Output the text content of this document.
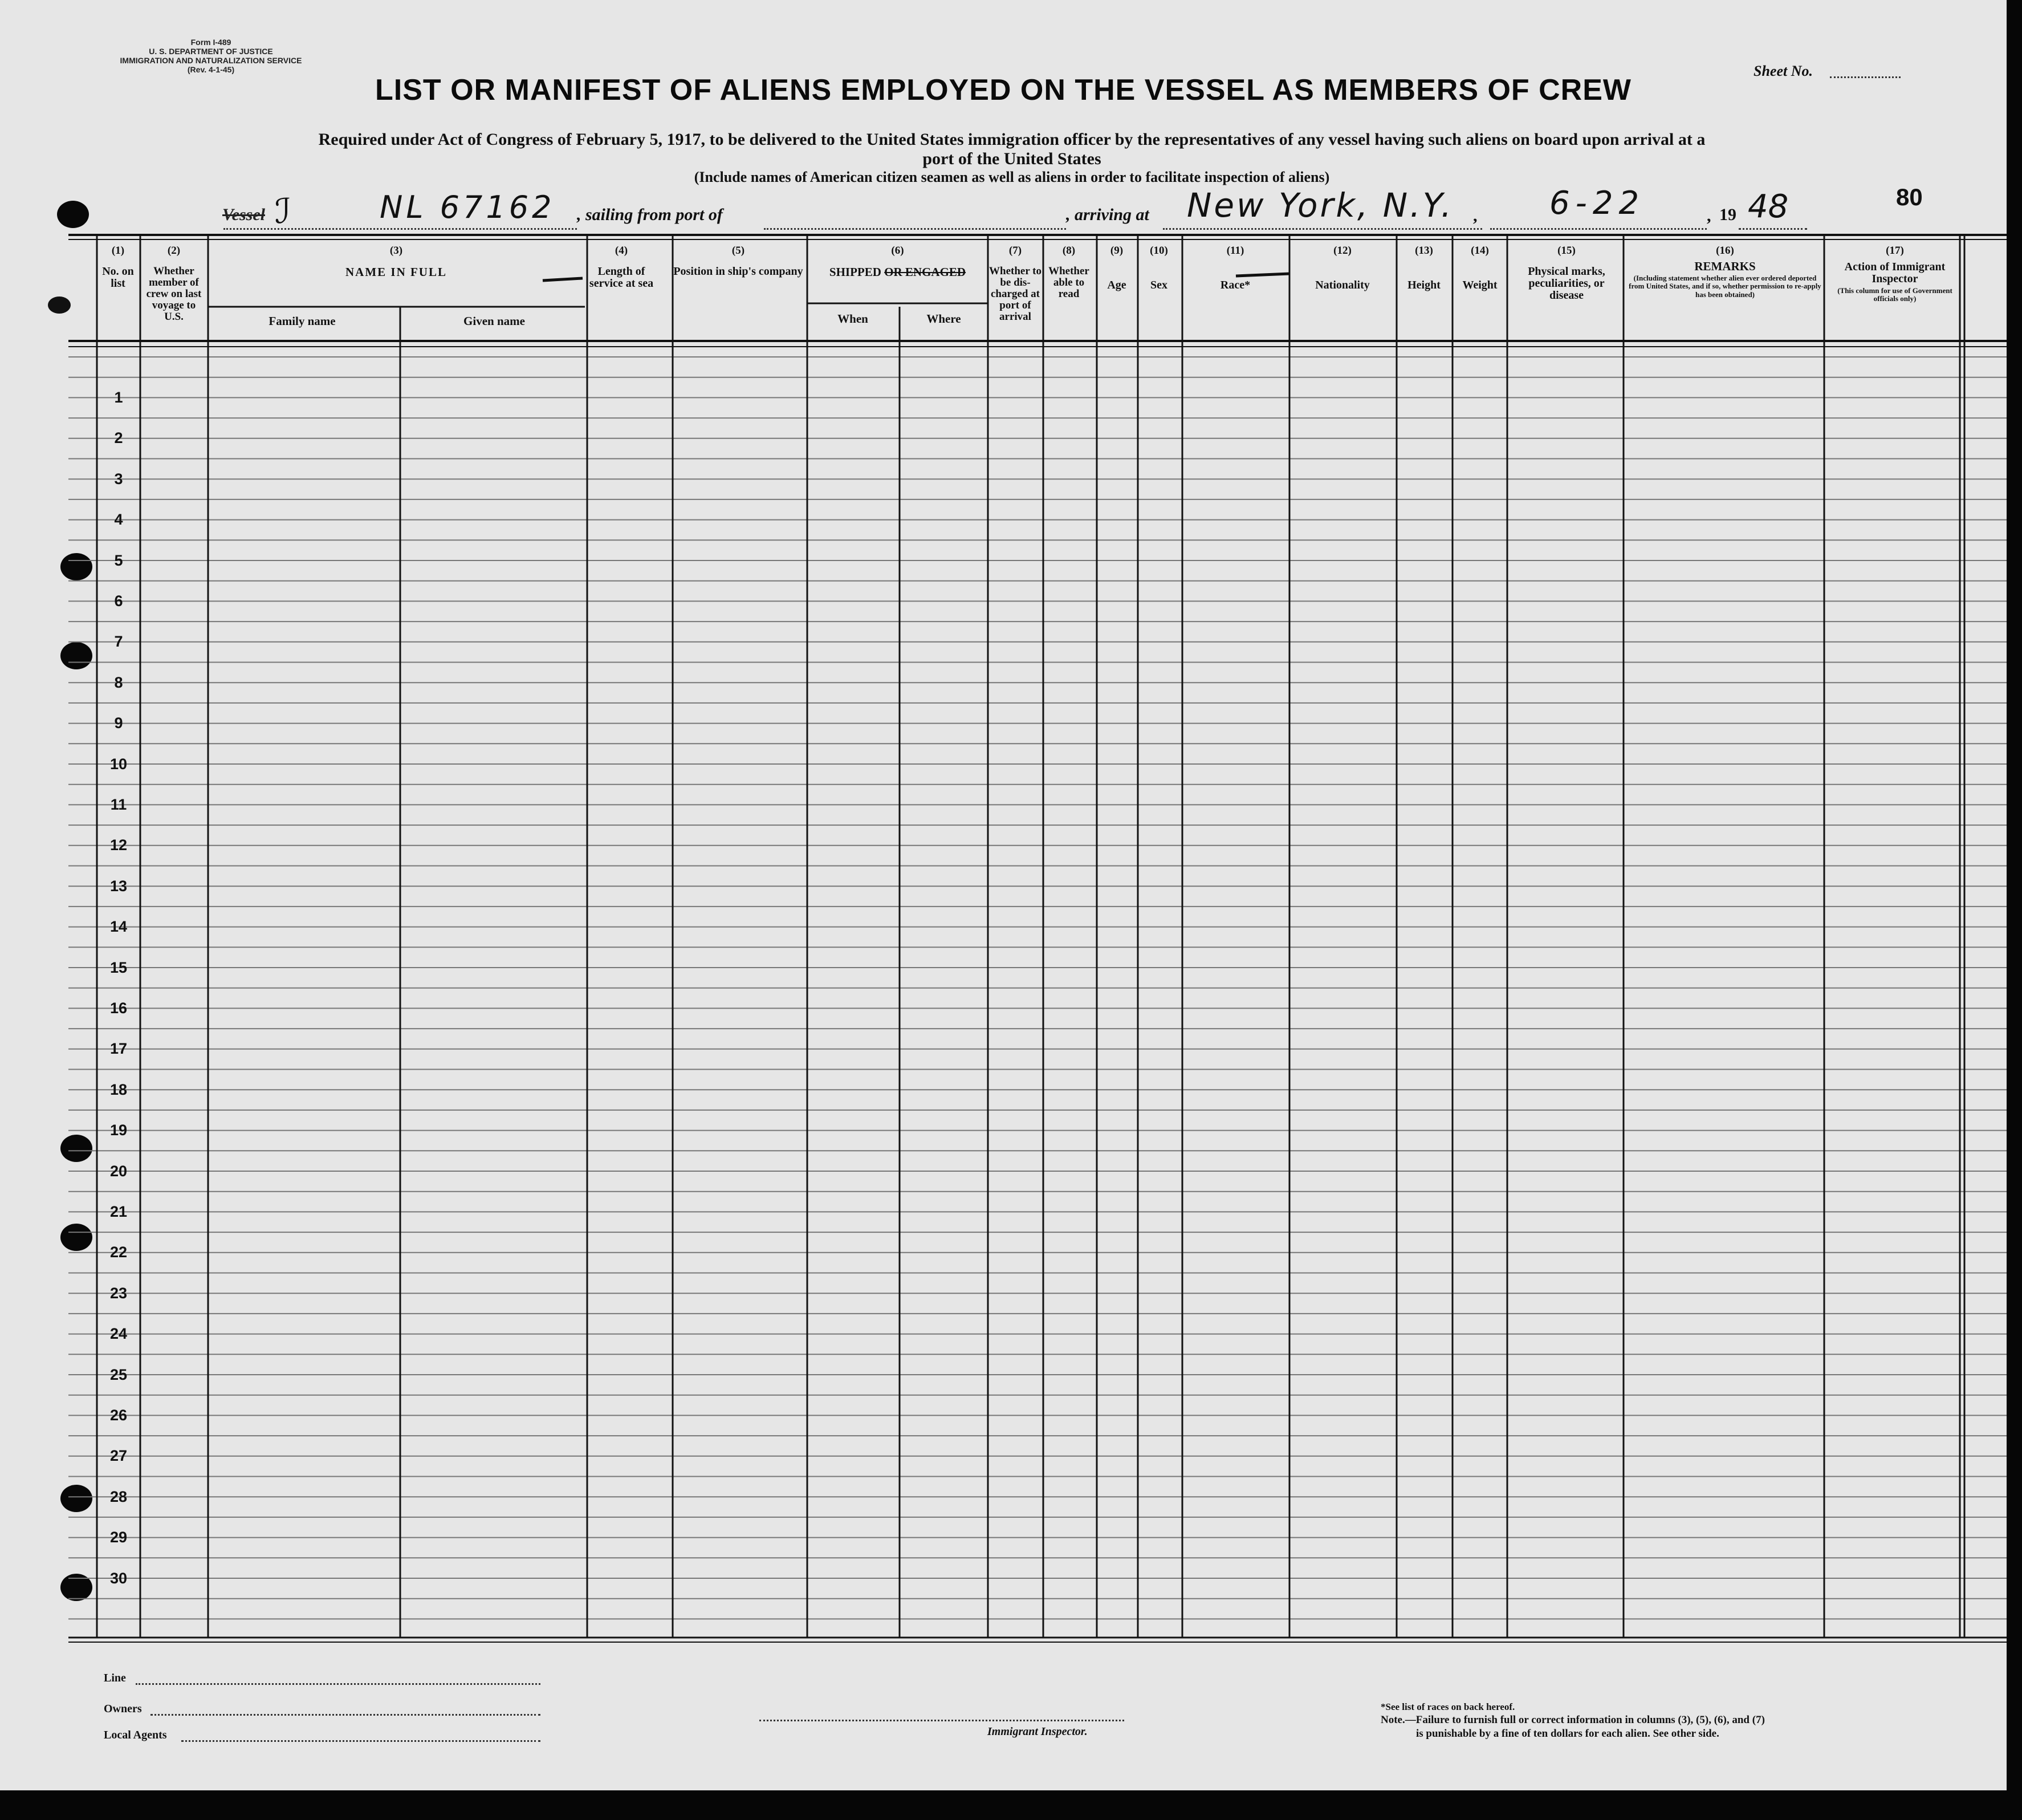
Form I-489
U. S. DEPARTMENT OF JUSTICE
IMMIGRATION AND NATURALIZATION SERVICE
(Rev. 4-1-45)	Sheet No.
LIST OR MANIFEST OF ALIENS EMPLOYED ON THE VESSEL AS MEMBERS OF CREW
Required under Act of Congress of February 5, 1917, to be delivered to the United States immigration officer by the representatives of any vessel having such aliens on board upon arrival at a
port of the United States
(Include names of American citizen seamen as well as aliens in order to facilitate inspection of aliens)
Vessel ℐ	NL 67162 , sailing from port of	, arriving at New York, N.Y. , 6-22	, 19 48	80
(1)
No. on list
(2)
Whether member of crew on last voyage to U.S.
(3)
NAME IN FULL
Family name	Given name
(4)
Length of service at sea
(5)
Position in ship's company
(6)
SHIPPED OR ENGAGED
When	Where
(7)
Whether to be dis-charged at port of arrival
(8)
Whether able to read
(9)
Age
(10)
Sex
(11)
Race*
(12)
Nationality
(13)
Height
(14)
Weight
(15)
Physical marks, peculiarities, or disease
(16)
REMARKS
(Including statement whether alien ever ordered deported from United States, and if so, whether permission to re-apply has been obtained)
(17)
Action of Immigrant Inspector
(This column for use of Government officials only)
1
2
3
4
5
6
7
8
9
10
11
12
13
14
15
16
17
18
19
20
21
22
23
24
25
26
27
28
29
30
Line
Owners
Local Agents	Immigrant Inspector.
*See list of races on back hereof.
Note.—Failure to furnish full or correct information in columns (3), (5), (6), and (7)
is punishable by a fine of ten dollars for each alien. See other side.
